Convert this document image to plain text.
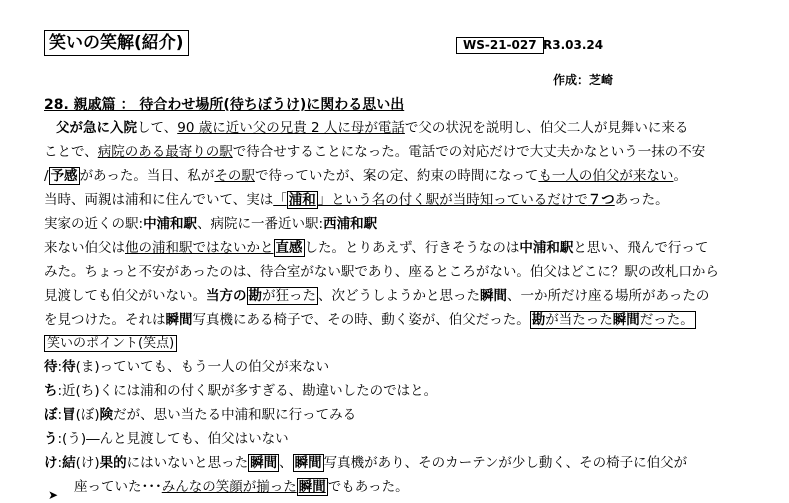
笑いの笑解(紹介)	WS-21-027 R3.03.24
作成：芝崎
28. 親戚篇 ： 待合わせ場所(待ちぼうけ)に関わる思い出
父が急に入院して、90 歳に近い父の兄貴 2 人に母が電話で父の状況を説明し、伯父二人が見舞いに来る
ことで、病院のある最寄りの駅で待合せすることになった。電話での対応だけで大丈夫かなという一抹の不安
/ 予感 があった。当日、私がその駅で待っていたが、案の定、約束の時間になっても一人の伯父が来ない。
当時、両親は浦和に住んでいて、実は「 浦和 」という名の付く駅が当時知っているだけで７つあった。
実家の近くの駅:中浦和駅、病院に一番近い駅:西浦和駅
来ない伯父は他の浦和駅ではないかと 直感 した。とりあえず、行きそうなのは中浦和駅と思い、飛んで行って
みた。ちょっと不安があったのは、待合室がない駅であり、座るところがない。伯父はどこに？駅の改札口から
見渡しても伯父がいない。当方の 勘が狂った 、次どうしようかと思った瞬間、一か所だけ座る場所があったの
を見つけた。それは瞬間写真機にある椅子で、その時、動く姿が、伯父だった。 勘が当たった瞬間だった。
笑いのポイント(笑点)
待:待(ま)っていても、もう一人の伯父が来ない
ち:近(ち)くには浦和の付く駅が多すぎる、勘違いしたのではと。
ぼ:冒(ぼ)険だが、思い当たる中浦和駅に行ってみる
う:(う)―んと見渡しても、伯父はいない
け:結(け)果的にはいないと思った 瞬間 、 瞬間 写真機があり、そのカーテンが少し動く、その椅子に伯父が
座っていた･･･みんなの笑顔が揃った 瞬間 でもあった。
➤
